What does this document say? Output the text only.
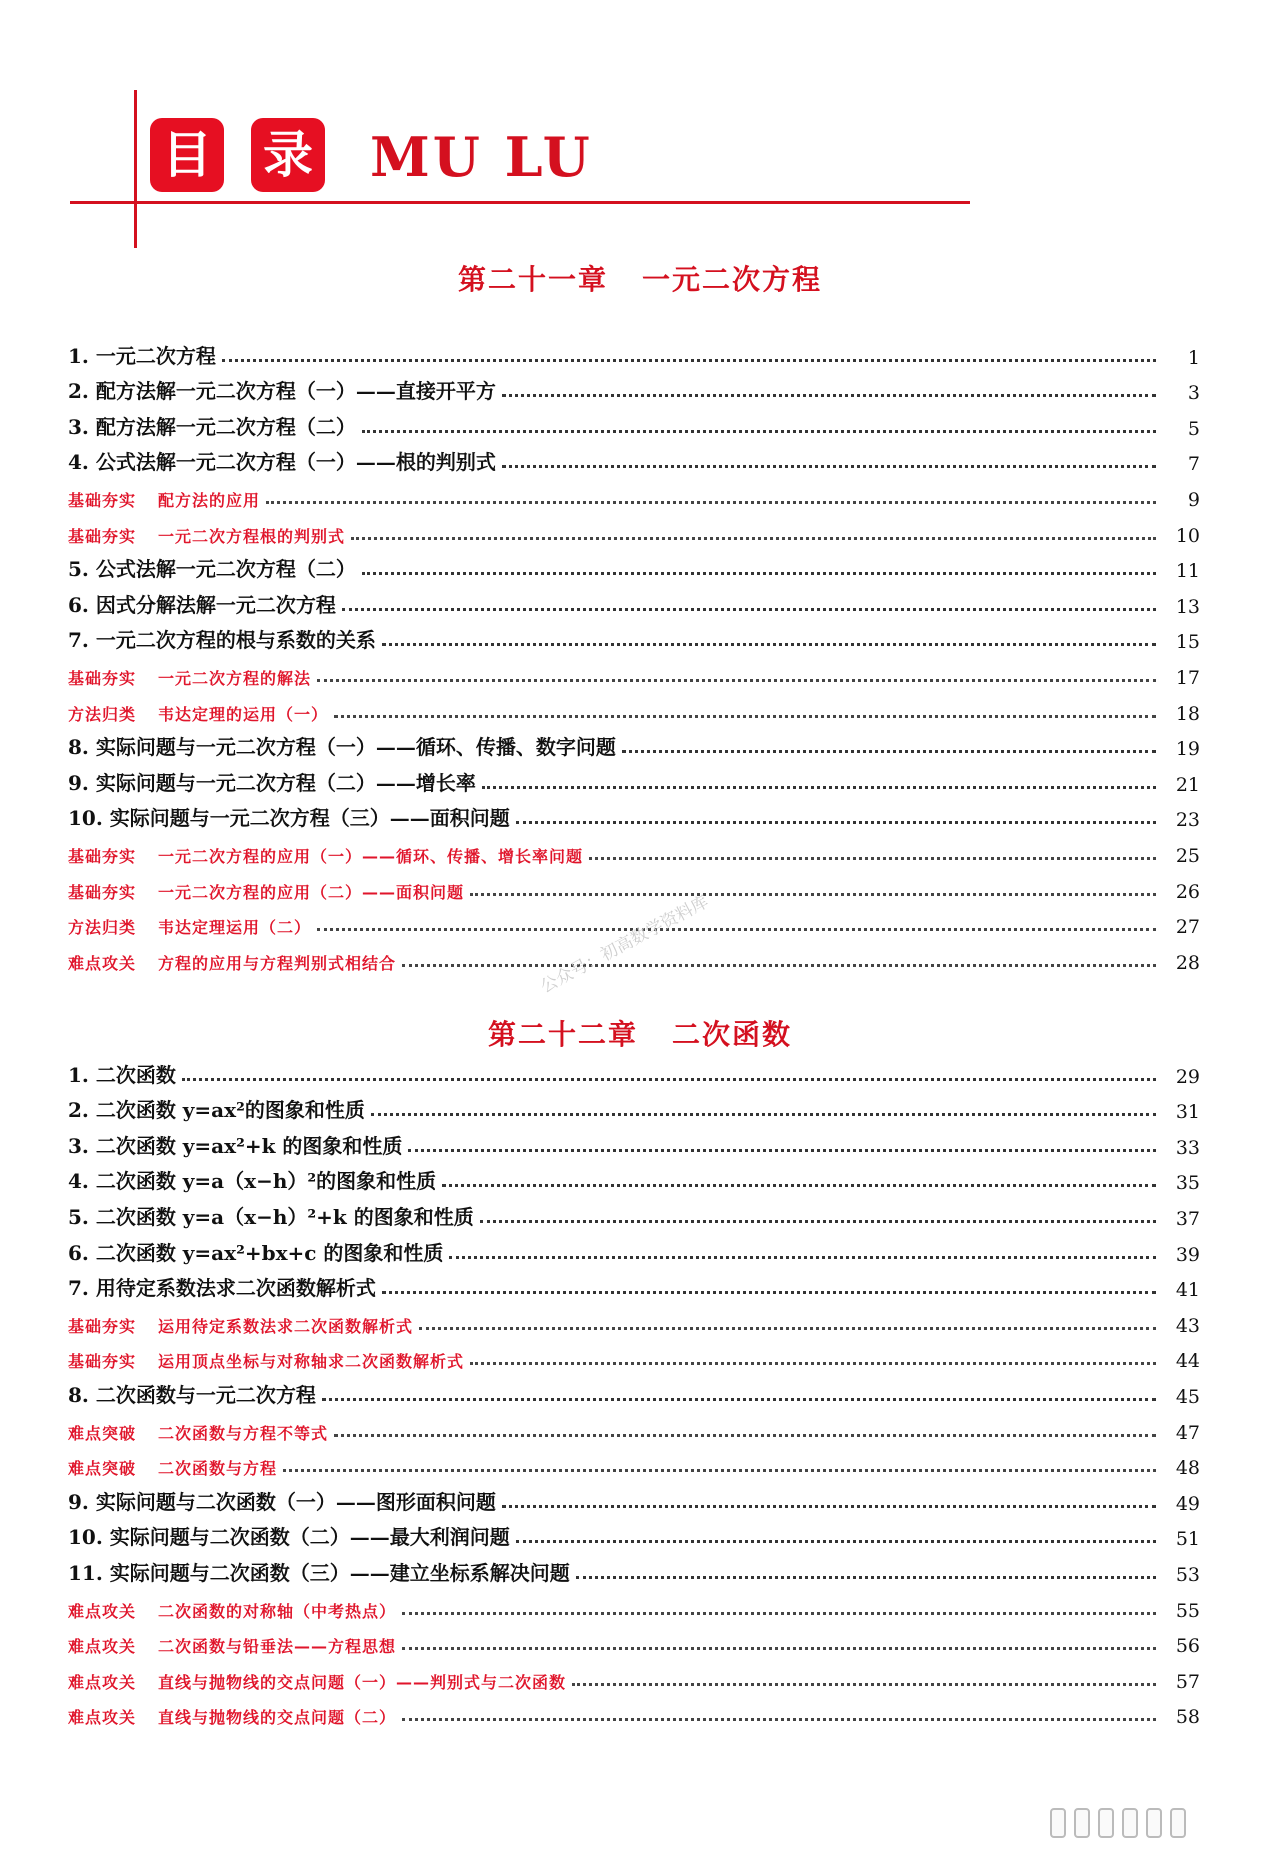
目 录 MU LU
第二十一章 一元二次方程
1. 一元二次方程	1
2. 配方法解一元二次方程（一）——直接开平方	3
3. 配方法解一元二次方程（二）	5
4. 公式法解一元二次方程（一）——根的判别式	7
基础夯实 配方法的应用	9
基础夯实 一元二次方程根的判别式	10
5. 公式法解一元二次方程（二）	11
6. 因式分解法解一元二次方程	13
7. 一元二次方程的根与系数的关系	15
基础夯实 一元二次方程的解法	17
方法归类 韦达定理的运用（一）	18
8. 实际问题与一元二次方程（一）——循环、传播、数字问题	19
9. 实际问题与一元二次方程（二）——增长率	21
10. 实际问题与一元二次方程（三）——面积问题	23
基础夯实 一元二次方程的应用（一）——循环、传播、增长率问题	25
基础夯实 一元二次方程的应用（二）——面积问题	26
方法归类 韦达定理运用（二）	27
难点攻关 方程的应用与方程判别式相结合	28
第二十二章 二次函数
1. 二次函数	29
2. 二次函数 y=ax²的图象和性质	31
3. 二次函数 y=ax²+k 的图象和性质	33
4. 二次函数 y=a（x−h）²的图象和性质	35
5. 二次函数 y=a（x−h）²+k 的图象和性质	37
6. 二次函数 y=ax²+bx+c 的图象和性质	39
7. 用待定系数法求二次函数解析式	41
基础夯实 运用待定系数法求二次函数解析式	43
基础夯实 运用顶点坐标与对称轴求二次函数解析式	44
8. 二次函数与一元二次方程	45
难点突破 二次函数与方程不等式	47
难点突破 二次函数与方程	48
9. 实际问题与二次函数（一）——图形面积问题	49
10. 实际问题与二次函数（二）——最大利润问题	51
11. 实际问题与二次函数（三）——建立坐标系解决问题	53
难点攻关 二次函数的对称轴（中考热点）	55
难点攻关 二次函数与铅垂法——方程思想	56
难点攻关 直线与抛物线的交点问题（一）——判别式与二次函数	57
难点攻关 直线与抛物线的交点问题（二）	58
公众号：初高数学资料库
